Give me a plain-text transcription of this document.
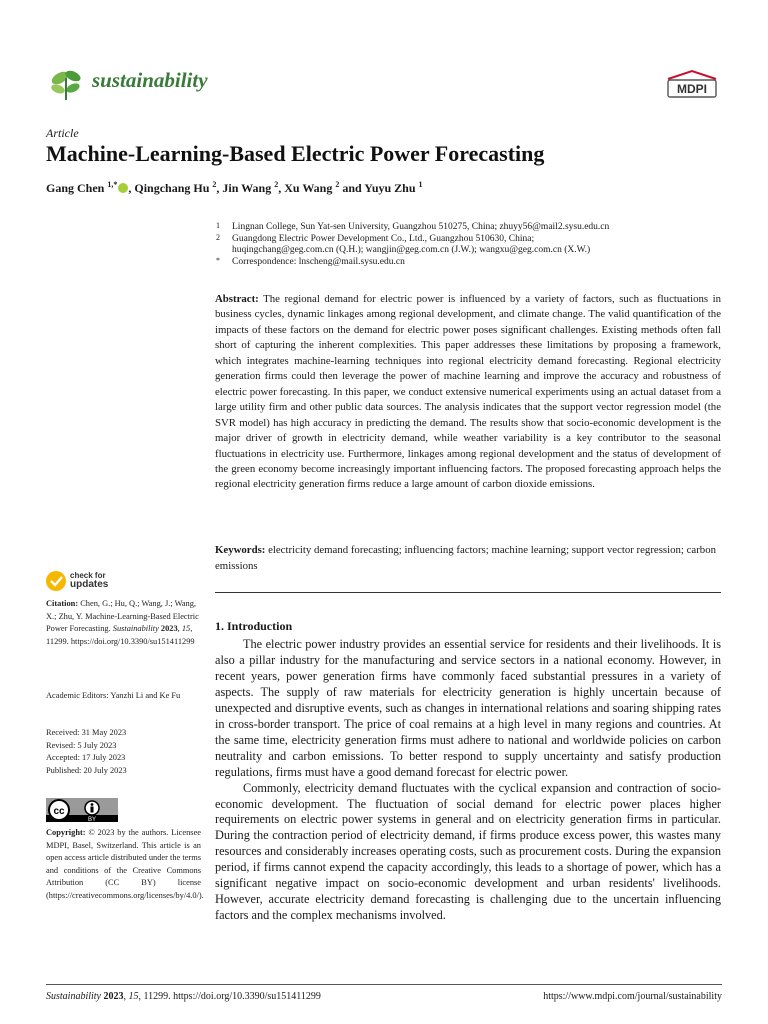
sustainability	MDPI
Article
Machine-Learning-Based Electric Power Forecasting
Gang Chen $^{1,*}$ , Qingchang Hu $^2$, Jin Wang $^2$, Xu Wang $^2$ and Yuyu Zhu $^1$
1 Lingnan College, Sun Yat-sen University, Guangzhou 510275, China; zhuyy56@mail2.sysu.edu.cn
2 Guangdong Electric Power Development Co., Ltd., Guangzhou 510630, China;
huqingchang@geg.com.cn (Q.H.); wangjin@geg.com.cn (J.W.); wangxu@geg.com.cn (X.W.)
* Correspondence: lnscheng@mail.sysu.edu.cn
Abstract: The regional demand for electric power is influenced by a variety of factors, such as fluctuations in business cycles, dynamic linkages among regional development, and climate change. The valid quantification of the impacts of these factors on the demand for electric power poses significant challenges. Existing methods often fall short of capturing the inherent complexities. This paper addresses these limitations by proposing a framework, which integrates machine-learning techniques into regional electricity demand forecasting. Regional electricity generation firms could then leverage the power of machine learning and improve the accuracy and robustness of electric power forecasting. In this paper, we conduct extensive numerical experiments using an actual dataset from a large utility firm and other public data sources. The analysis indicates that the support vector regression model (the SVR model) has high accuracy in predicting the demand. The results show that socio-economic development is the major driver of growth in electricity demand, while weather variability is a key contributor to the seasonal fluctuations in electricity use. Furthermore, linkages among regional development and the status of development of the green economy become increasingly important influencing factors. The proposed forecasting approach helps the regional electricity generation firms reduce a large amount of carbon dioxide emissions.
Keywords: electricity demand forecasting; influencing factors; machine learning; support vector regression; carbon emissions
1. Introduction

The electric power industry provides an essential service for residents and their livelihoods. It is also a pillar industry for the manufacturing and service sectors in a national economy. However, in recent years, power generation firms have commonly faced substantial pressures in a variety of aspects. The supply of raw materials for electricity generation is highly uncertain because of unexpected and disruptive events, such as changes in international relations and soaring shipping rates in cross-border transport. The price of coal remains at a high level in many regions and countries. At the same time, electricity generation firms must adhere to national and worldwide policies on carbon neutrality and carbon emissions. To better respond to supply uncertainty and satisfy production regulations, firms must have a good demand forecast for electric power.

Commonly, electricity demand fluctuates with the cyclical expansion and contraction of socio-economic development. The fluctuation of social demand for electric power places higher requirements on electric power systems in general and on electricity generation firms in particular. During the contraction period of electricity demand, if firms produce excess power, this wastes many resources and considerably increases operating costs, such as procurement costs. During the expansion period, if firms cannot expend the capacity accordingly, this leads to a shortage of power, which has a significant negative impact on socio-economic development and urban residents' livelihoods. However, accurate electricity demand forecasting is challenging due to the uncertain influencing factors and the complex mechanisms involved.

check for
updates
Citation: Chen, G.; Hu, Q.; Wang, J.; Wang, X.; Zhu, Y. Machine-Learning-Based Electric Power Forecasting. Sustainability 2023, 15, 11299. https://doi.org/10.3390/su151411299
Academic Editors: Yanzhi Li and Ke Fu
Received: 31 May 2023
Revised: 5 July 2023
Accepted: 17 July 2023
Published: 20 July 2023
cc
BY
Copyright: © 2023 by the authors. Licensee MDPI, Basel, Switzerland. This article is an open access article distributed under the terms and conditions of the Creative Commons Attribution (CC BY) license (https://creativecommons.org/licenses/by/4.0/).
Sustainability 2023, 15, 11299. https://doi.org/10.3390/su151411299	https://www.mdpi.com/journal/sustainability
